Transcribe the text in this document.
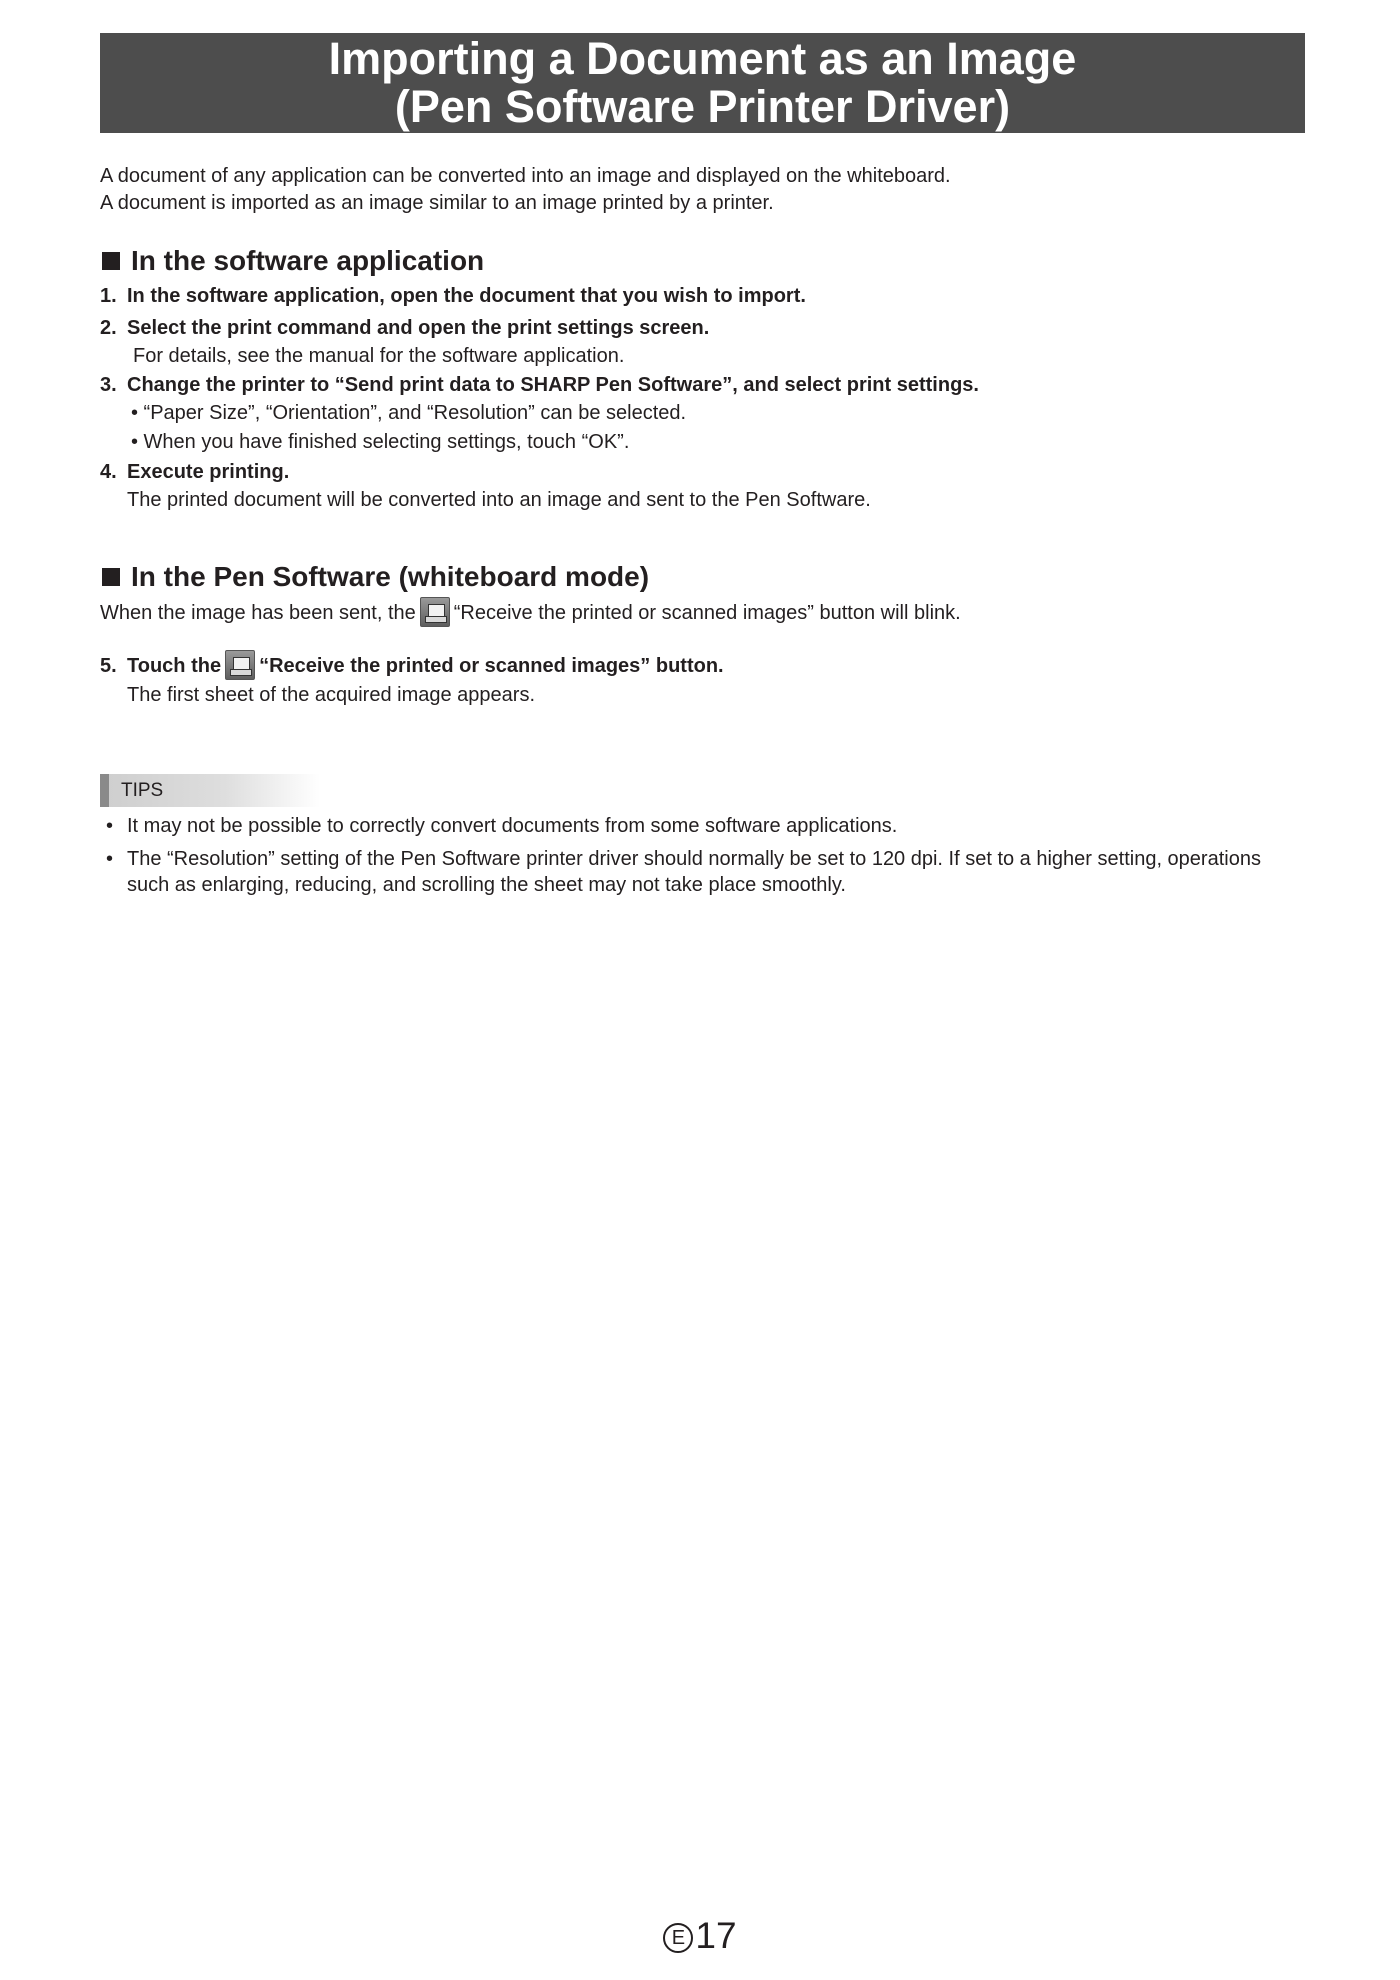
Importing a Document as an Image
(Pen Software Printer Driver)

A document of any application can be converted into an image and displayed on the whiteboard.

A document is imported as an image similar to an image printed by a printer.

In the software application
1. In the software application, open the document that you wish to import.
2. Select the print command and open the print settings screen.
For details, see the manual for the software application.
3. Change the printer to “Send print data to SHARP Pen Software”, and select print settings.
• “Paper Size”, “Orientation”, and “Resolution” can be selected.
• When you have finished selecting settings, touch “OK”.
4. Execute printing.
The printed document will be converted into an image and sent to the Pen Software.
In the Pen Software (whiteboard mode)
When the image has been sent, the “Receive the printed or scanned images” button will blink.
5. Touch the “Receive the printed or scanned images” button.
The first sheet of the acquired image appears.
TIPS
• It may not be possible to correctly convert documents from some software applications.
• The “Resolution” setting of the Pen Software printer driver should normally be set to 120 dpi. If set to a higher setting, operations such as enlarging, reducing, and scrolling the sheet may not take place smoothly.
E 17
